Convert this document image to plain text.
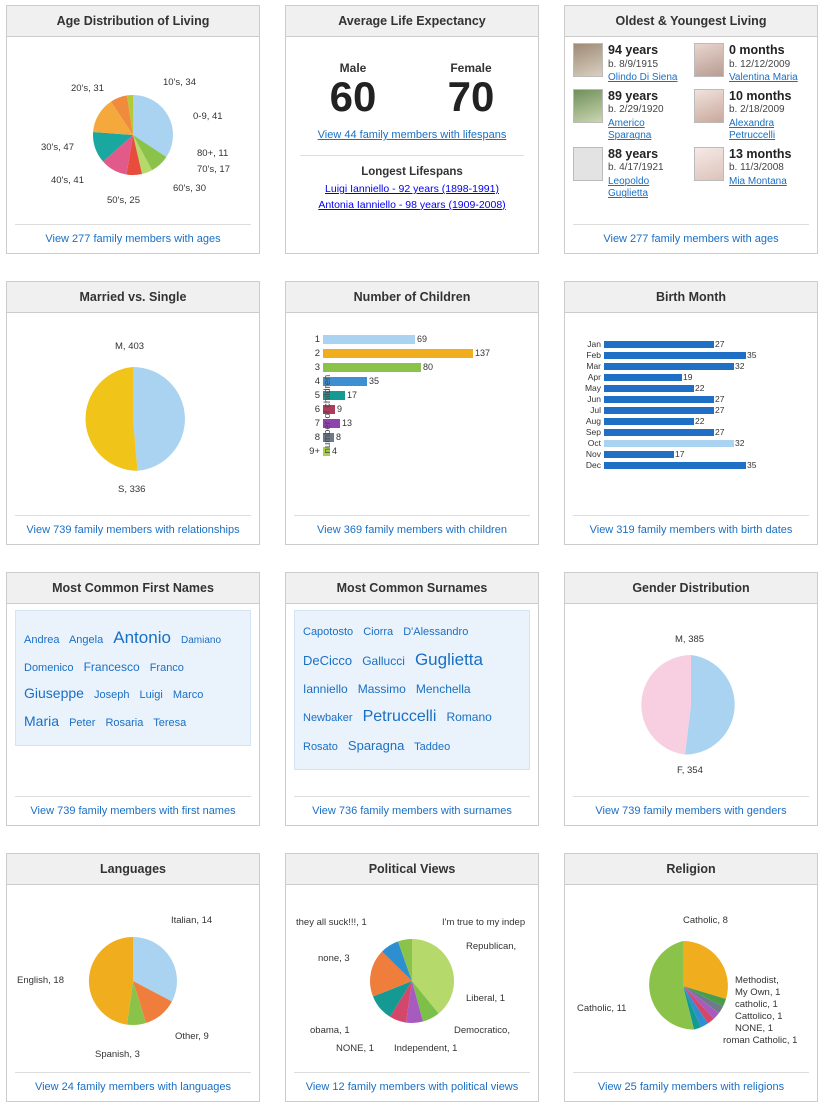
Age Distribution of Living
10's, 34
0-9, 41
80+, 11
70's, 17
60's, 30
50's, 25
40's, 41
30's, 47
20's, 31
View 277 family members with ages
Average Life Expectancy
Male
60
Female
70
View 44 family members with lifespans
Longest Lifespans
Luigi Ianniello - 92 years (1898-1991)
Antonia Ianniello - 98 years (1909-2008)
Oldest & Youngest Living
94 years
b. 8/9/1915
Olindo Di Siena
0 months
b. 12/12/2009
Valentina Maria
89 years
b. 2/29/1920
Americo Sparagna
10 months
b. 2/18/2009
Alexandra Petruccelli
88 years
b. 4/17/1921
Leopoldo Guglietta
13 months
b. 11/3/2008
Mia Montana
View 277 family members with ages
Married vs. Single
M, 403
S, 336
View 739 family members with relationships
Number of Children
number of children
1	69
2	137
3	80
4	35
5	17
6 9
7 13
8 8
9+ 4
View 369 family members with children
Birth Month
Jan	27
Feb	35
Mar	32
Apr	19
May	22
Jun	27
Jul	27
Aug	22
Sep	27
Oct	32
Nov	17
Dec	35
View 319 family members with birth dates
Most Common First Names
Andrea Angela Antonio Damiano Domenico Francesco Franco Giuseppe Joseph Luigi Marco Maria Peter Rosaria Teresa
View 739 family members with first names
Most Common Surnames
Capotosto Ciorra D'Alessandro DeCicco Gallucci Guglietta Ianniello Massimo Menchella Newbaker Petruccelli Romano Rosato Sparagna Taddeo
View 736 family members with surnames
Gender Distribution
M, 385
F, 354
View 739 family members with genders
Languages
Italian, 14
English, 18
Spanish, 3
Other, 9
View 24 family members with languages
Political Views
they all suck!!!, 1	I'm true to my indep
Republican,
Liberal, 1
Democratico,
Independent, 1
NONE, 1
obama, 1
none, 3
View 12 family members with political views
Religion
Catholic, 8
Methodist,
My Own, 1
catholic, 1
Cattolico, 1
NONE, 1
roman Catholic, 1
Catholic, 11
View 25 family members with religions
